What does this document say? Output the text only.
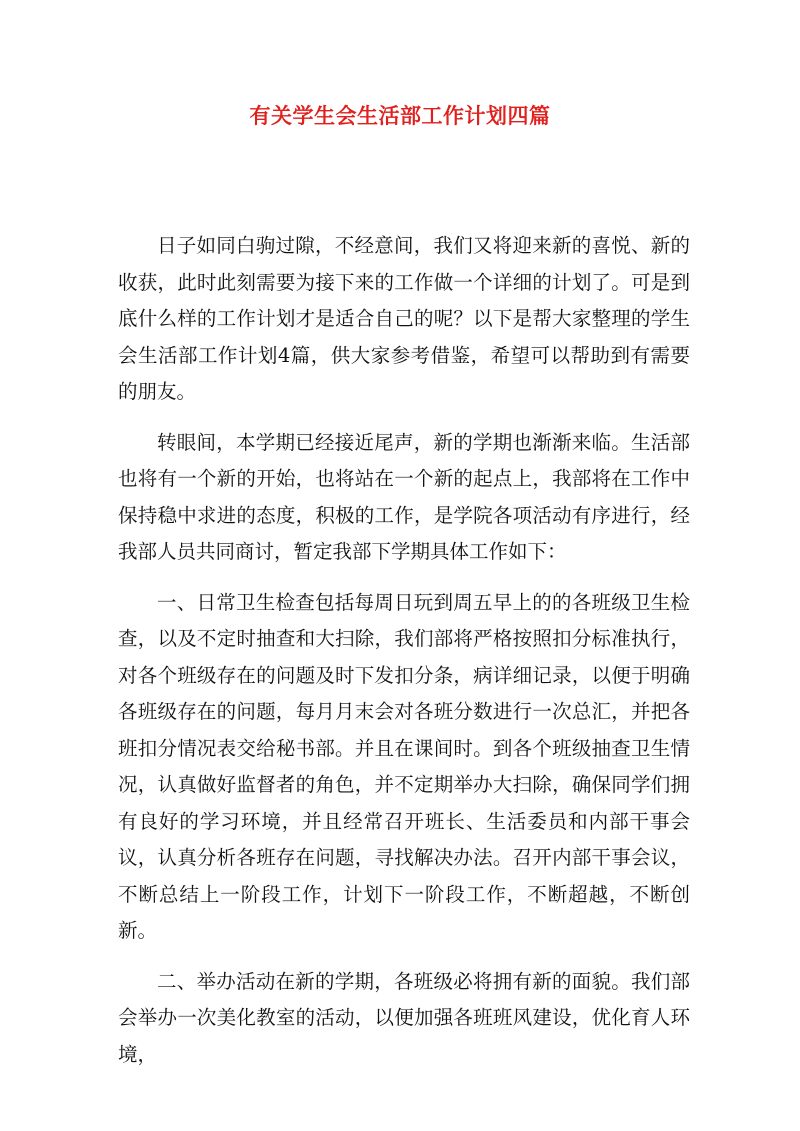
有关学生会生活部工作计划四篇

日子如同白驹过隙，不经意间，我们又将迎来新的喜悦、新的收获，此时此刻需要为接下来的工作做一个详细的计划了。可是到底什么样的工作计划才是适合自己的呢？以下是帮大家整理的学生会生活部工作计划4篇，供大家参考借鉴，希望可以帮助到有需要的朋友。

转眼间，本学期已经接近尾声，新的学期也渐渐来临。生活部也将有一个新的开始，也将站在一个新的起点上，我部将在工作中保持稳中求进的态度，积极的工作，是学院各项活动有序进行，经我部人员共同商讨，暂定我部下学期具体工作如下：

一、日常卫生检查包括每周日玩到周五早上的的各班级卫生检查，以及不定时抽查和大扫除，我们部将严格按照扣分标准执行，对各个班级存在的问题及时下发扣分条，病详细记录，以便于明确各班级存在的问题，每月月末会对各班分数进行一次总汇，并把各班扣分情况表交给秘书部。并且在课间时。到各个班级抽查卫生情况，认真做好监督者的角色，并不定期举办大扫除，确保同学们拥有良好的学习环境，并且经常召开班长、生活委员和内部干事会议，认真分析各班存在问题，寻找解决办法。召开内部干事会议，不断总结上一阶段工作，计划下一阶段工作，不断超越，不断创新。

二、举办活动在新的学期，各班级必将拥有新的面貌。我们部会举办一次美化教室的活动，以便加强各班班风建设，优化育人环境，
